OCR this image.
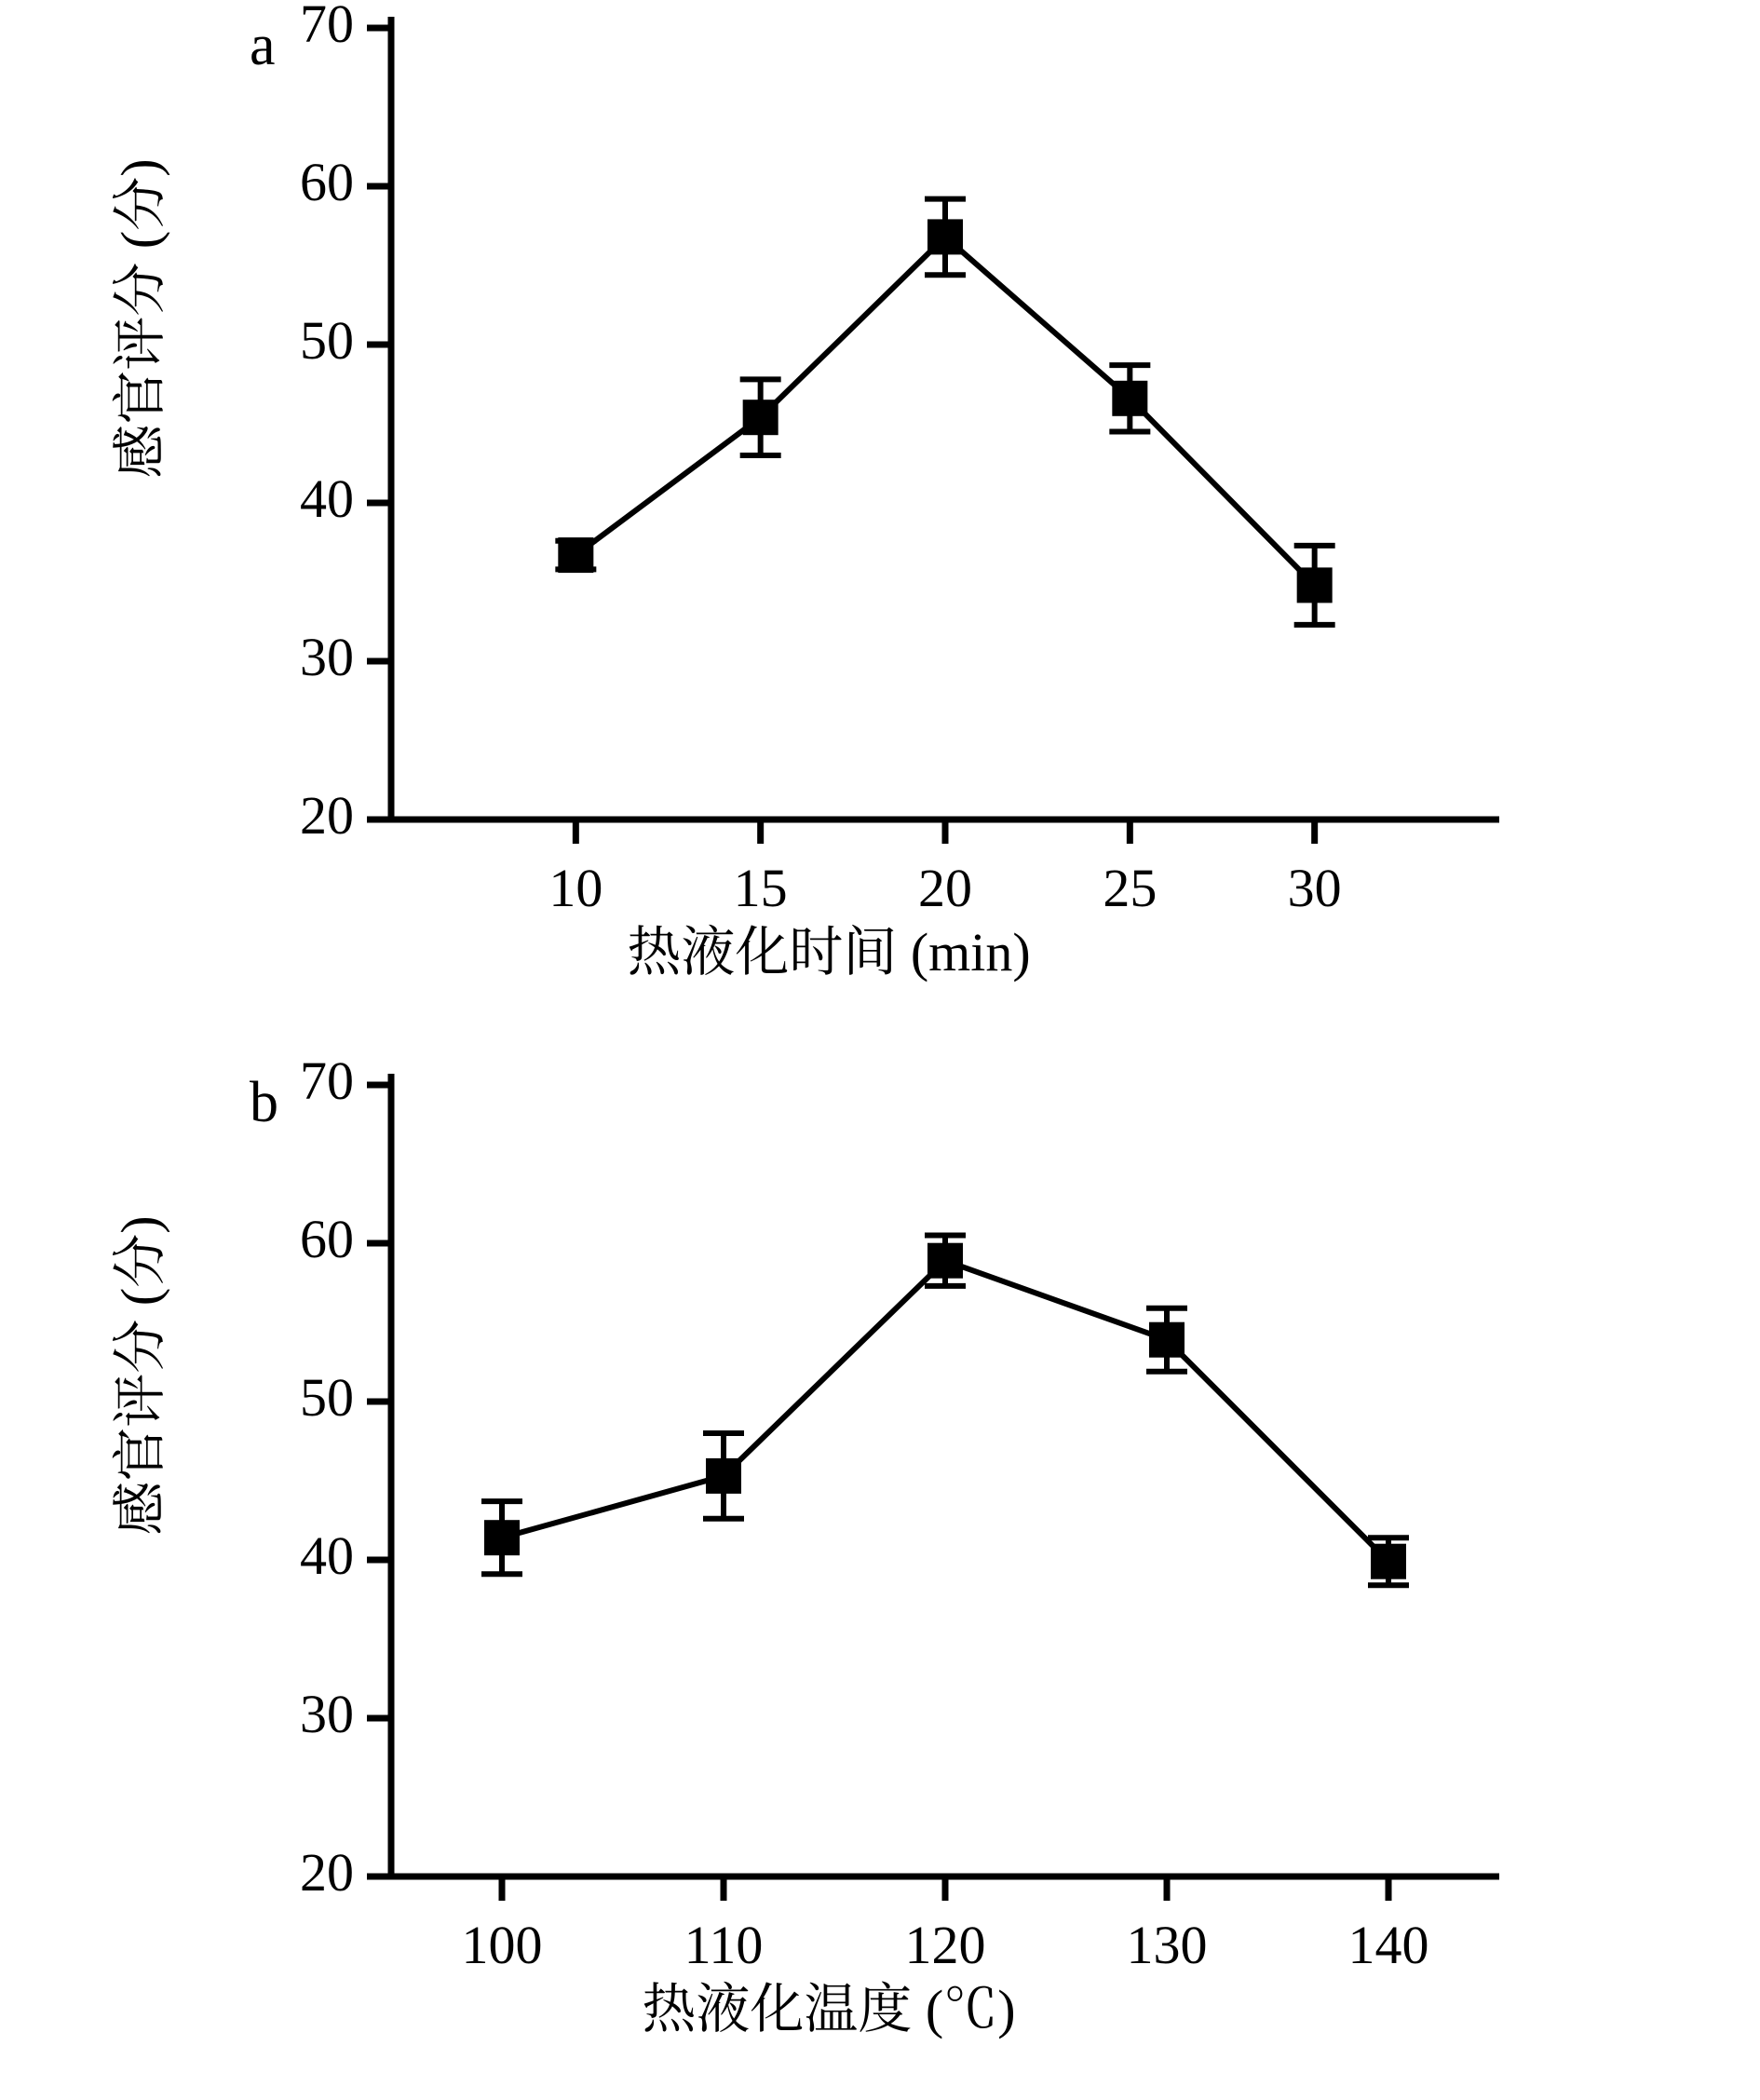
a
感官评分 (分)
热液化时间 (min)
20
30
40
50
60
70
10	15	20	25	30
b
感官评分 (分)
热液化温度 (℃)
20
30
40
50
60
70
100	110	120	130	140
